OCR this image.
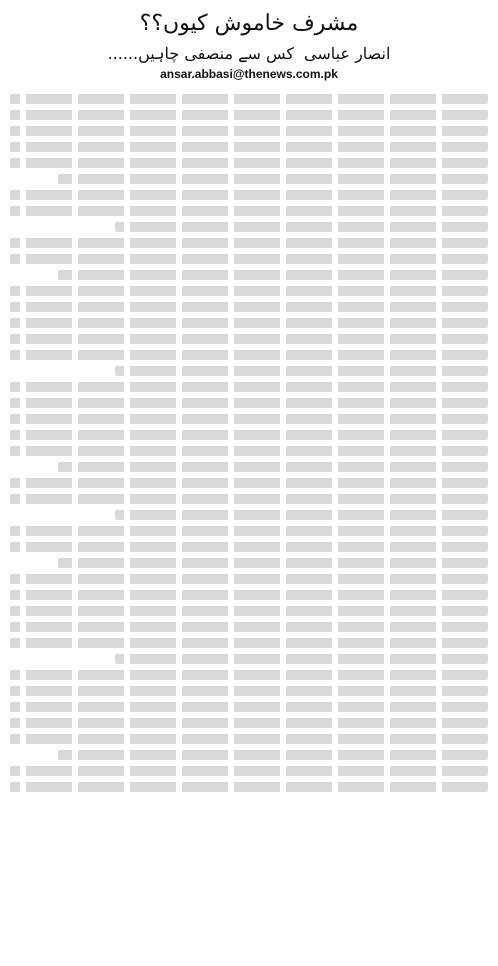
مشرف خاموش کیوں؟؟
انصار عباسی
کس سے منصفی چاہیں......
ansar.abbasi@thenews.com.pk
